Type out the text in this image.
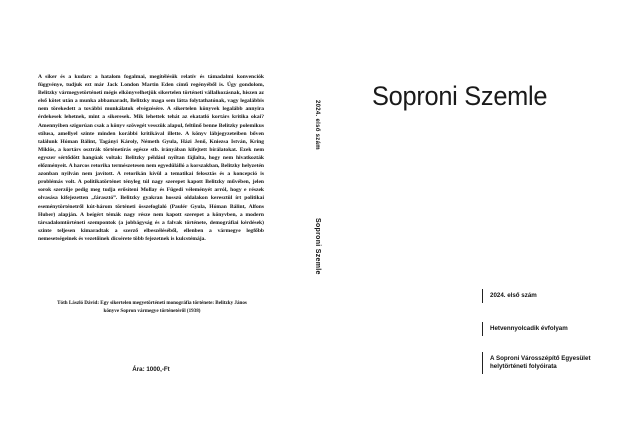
A siker és a kudarc a hatalom fogalmai, megítélésük relatív és támadalmi konvenciók függvénye, tudjuk ezt már Jack London Martin Eden című regényéből is. Úgy gondolom, Belitzky vármegyetörténeti mégis elkönyvelhetjük sikertelen történeti vállalkozásnak, hiszen az első kötet után a munka abbamaradt, Belitzky maga sem látta folytathatónak, vagy legalábbis nem törekedett a további munkálatok elvégzésére. A sikertelen könyvek legalább annyira érdekesek lehetnek, mint a sikeresek. Mik lehettek tehát az ekatatló kortárs kritika okai? Amennyiben szigorúan csak a könyv szövegét vesszük alapul, feltűnő benne Belitzky polemikus stílusa, amellyel szinte minden korábbi kritikával illette. A könyv lábjegyzeteiben bőven találunk Hóman Bálint, Tagányi Károly, Németh Gyula, Házi Jenő, Kniezsa István, Kring Miklós, a kortárs osztrák történetírás egésze stb. irányában kifejtett bírálatokat. Ezek nem egyszer sértődött hangúak voltak: Belitzky például nyíltan fájlalta, hogy nem hivatkozták előzményeit. A harcos retorika természetesen nem egyedülálló a korszakban, Belitzky helyzetén azonban nyilván nem javított. A retorikán kívül a tematikai felosztás és a koncepció is problémás volt. A politikatörténet tényleg túl nagy szerepet kapott Belitzky művében, jelen sorok szerzője pedig meg tudja erősíteni Mollay és Fügedi véleményét arról, hogy e részek olvasása kifejezetten „fárasztó”. Belitzky gyakran hosszú oldalakon keresztül írt politikai eseménytörténetről kút-három történeti összefoglaló (Paulér Gyula, Hóman Bálint, Alfons Huber) alapján. A beígért témák nagy része nem kapott szerepet a könyvben, a modern társadalomtörténeti szempontok (a jobbágyság és a falvak története, demográfiai kérdések) szinte teljesen kimaradtak a szerző elbeszéléséből, ellenben a vármegye legfőbb nemesetségeinek és vezetőinek dicsérete több fejezetnek is kulcstémája.

Tóth László Dávid: Egy sikertelen megyetörténeti monográfia története: Belitzky János könyve Sopron vármegye történetéről (1938)

Ára: 1000,-Ft

2024. első szám
Soproni Szemle
Soproni Szemle
2024. első szám
Hetvennyolcadik évfolyam
A Soproni Városszépítő Egyesület
helytörténeti folyóirata
